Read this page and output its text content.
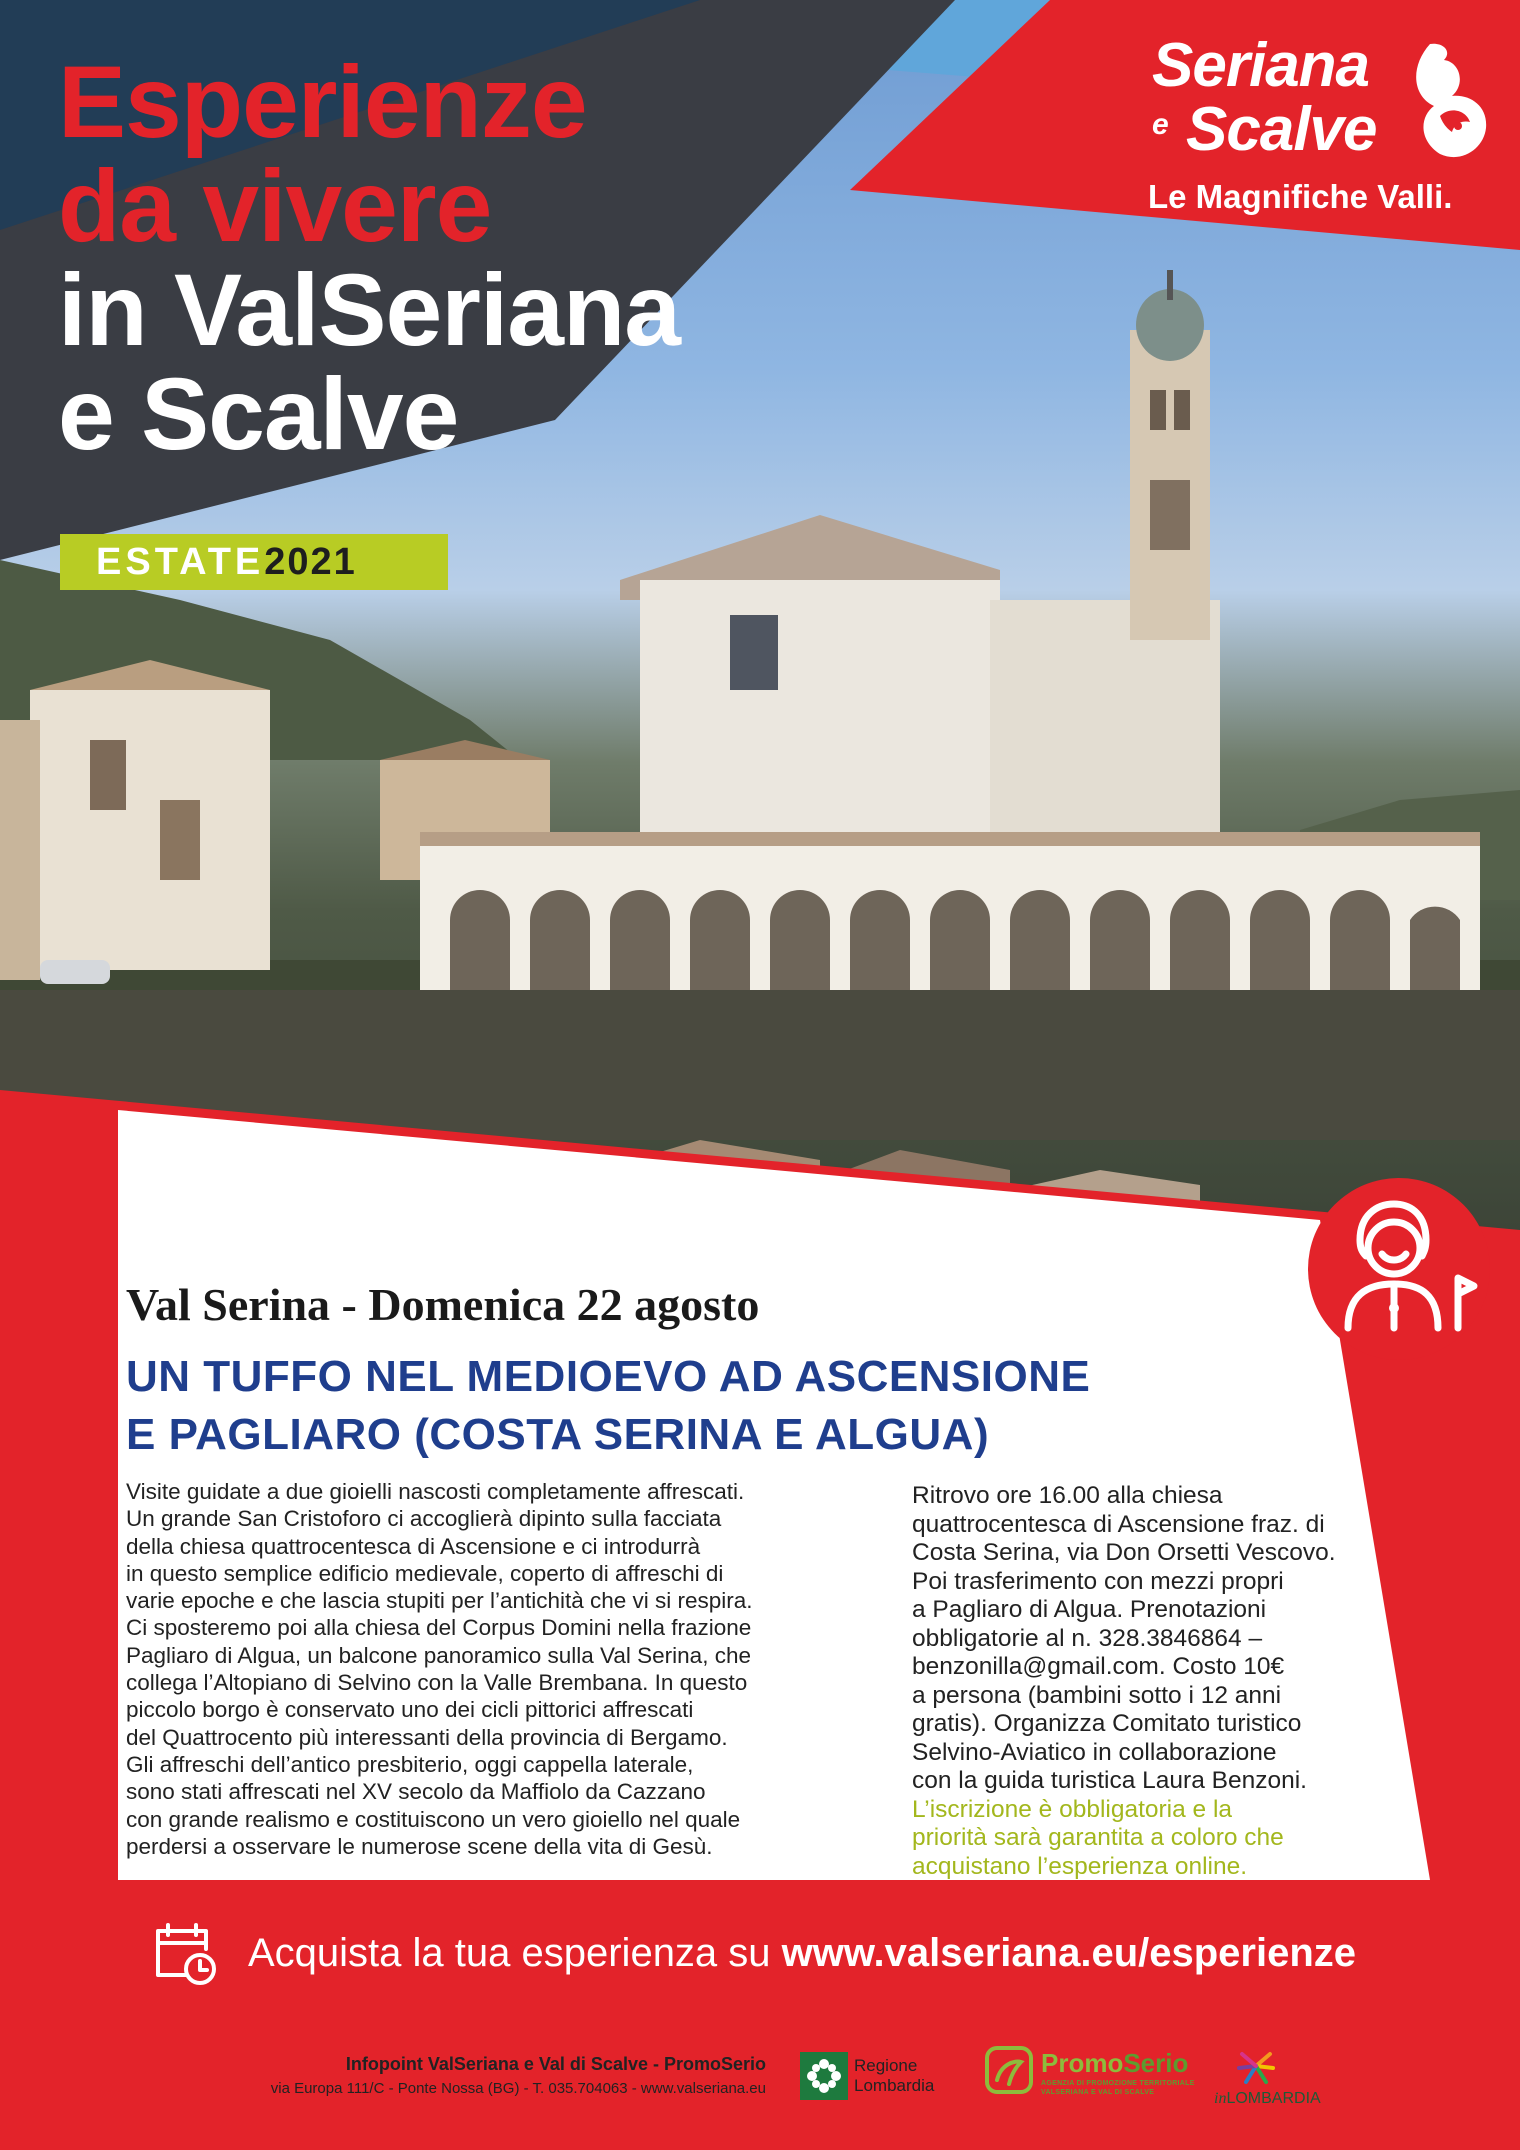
Esperienze
da vivere
in ValSeriana
e Scalve
ESTATE2021
Seriana
e Scalve
Le Magnifiche Valli.
Val Serina - Domenica 22 agosto
UN TUFFO NEL MEDIOEVO AD ASCENSIONE
E PAGLIARO (COSTA SERINA E ALGUA)

Visite guidate a due gioielli nascosti completamente affrescati.
Un grande San Cristoforo ci accoglierà dipinto sulla facciata
della chiesa quattrocentesca di Ascensione e ci introdurrà
in questo semplice edificio medievale, coperto di affreschi di
varie epoche e che lascia stupiti per l’antichità che vi si respira.
Ci sposteremo poi alla chiesa del Corpus Domini nella frazione
Pagliaro di Algua, un balcone panoramico sulla Val Serina, che
collega l’Altopiano di Selvino con la Valle Brembana. In questo
piccolo borgo è conservato uno dei cicli pittorici affrescati
del Quattrocento più interessanti della provincia di Bergamo.
Gli affreschi dell’antico presbiterio, oggi cappella laterale,
sono stati affrescati nel XV secolo da Maffiolo da Cazzano
con grande realismo e costituiscono un vero gioiello nel quale
perdersi a osservare le numerose scene della vita di Gesù.

Ritrovo ore 16.00 alla chiesa
quattrocentesca di Ascensione fraz. di
Costa Serina, via Don Orsetti Vescovo.
Poi trasferimento con mezzi propri
a Pagliaro di Algua. Prenotazioni
obbligatorie al n. 328.3846864 –
benzonilla@gmail.com. Costo 10€
a persona (bambini sotto i 12 anni
gratis). Organizza Comitato turistico
Selvino-Aviatico in collaborazione
con la guida turistica Laura Benzoni.

L’iscrizione è obbligatoria e la
priorità sarà garantita a coloro che
acquistano l’esperienza online.

Acquista la tua esperienza su www.valseriana.eu/esperienze
Infopoint ValSeriana e Val di Scalve - PromoSerio
via Europa 111/C - Ponte Nossa (BG) - T. 035.704063 - www.valseriana.eu
Regione
Lombardia
PromoSerio
AGENZIA DI PROMOZIONE TERRITORIALE
VALSERIANA E VAL DI SCALVE	inLOMBARDIA
